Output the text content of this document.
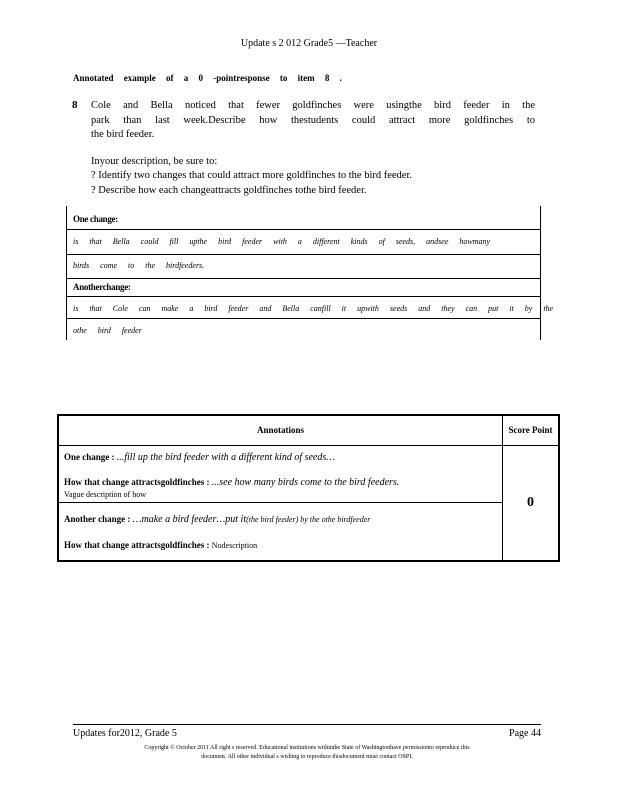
Update s 2 012 Grade5 —Teacher
Annotated example of a 0 -pointresponse to item 8 .
8 Cole and Bella noticed that fewer goldfinches were usingthe bird feeder in the
park than last week.Describe how thestudents could attract more goldfinches to
the bird feeder.
Inyour description, be sure to:
? Identify two changes that could attract more goldfinches to the bird feeder.
? Describe how each changeattracts goldfinches tothe bird feeder.
One change:
is that Bella could fill upthe bird feeder with a different kinds of seeds, andsee howmany
birds come to the birdfeeders.
Anotherchange:
is that Cole can make a bird feeder and Bella canfill it upwith seeds and they can put it by the
othe bird feeder
Annotations	Score Point

One change : ...fill up the bird feeder with a different kind of seeds…
How that change attractsgoldfinches : ...see how many birds come to the bird feeders.
Vague description of how
Another change : …make a bird feeder…put it(the bird feeder) by the othe birdfeeder
How that change attractsgoldfinches : Nodescription	0
Updates for2012, Grade 5	Page 44
Copyright © October 2011 All right s reserved. Educational institutions withinthe State of Washingtonhave permissionto reproduce this
document. All other individual s wishing to reproduce thisdocument must contact OSPI.
